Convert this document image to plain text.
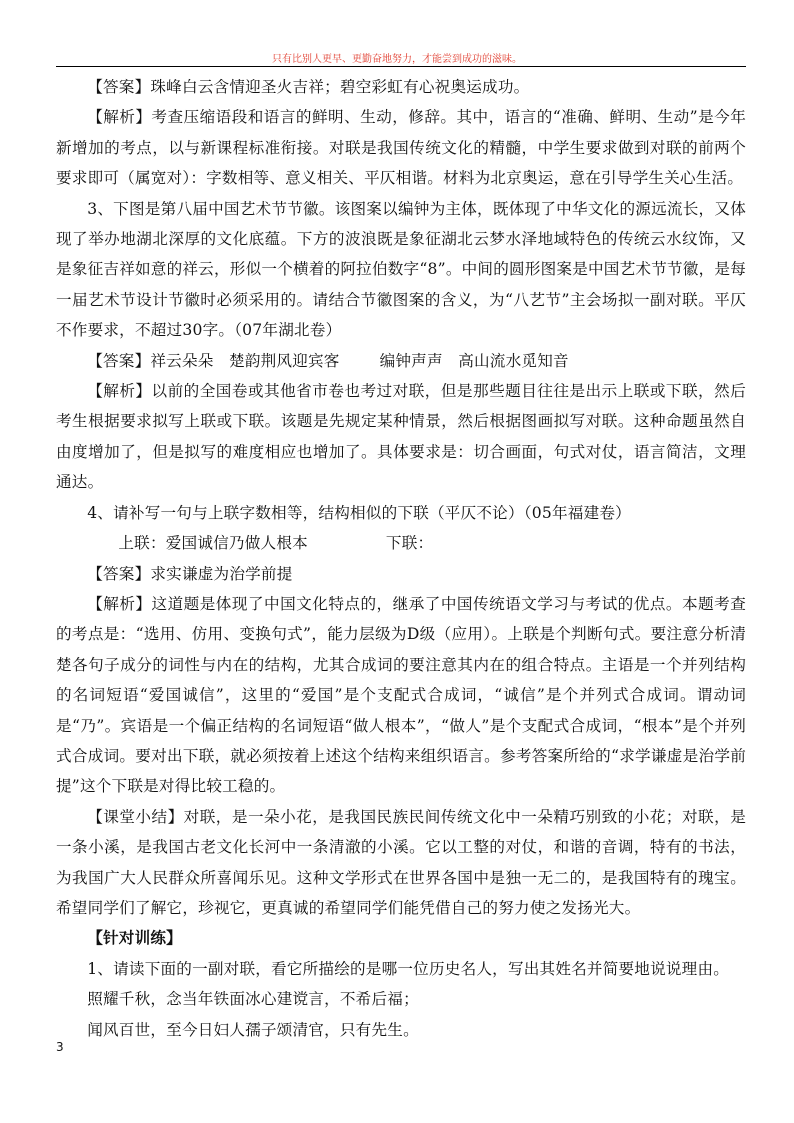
只有比别人更早、更勤奋地努力，才能尝到成功的滋味。

【答案】珠峰白云含情迎圣火吉祥；碧空彩虹有心祝奥运成功。

【解析】考查压缩语段和语言的鲜明、生动，修辞。其中，语言的“准确、鲜明、生动”是今年新增加的考点，以与新课程标准衔接。对联是我国传统文化的精髓，中学生要求做到对联的前两个要求即可（属宽对）：字数相等、意义相关、平仄相谐。材料为北京奥运，意在引导学生关心生活。

3、下图是第八届中国艺术节节徽。该图案以编钟为主体，既体现了中华文化的源远流长，又体现了举办地湖北深厚的文化底蕴。下方的波浪既是象征湖北云梦水泽地域特色的传统云水纹饰，又是象征吉祥如意的祥云，形似一个横着的阿拉伯数字“8”。中间的圆形图案是中国艺术节节徽，是每一届艺术节设计节徽时必须采用的。请结合节徽图案的含义，为“八艺节”主会场拟一副对联。平仄不作要求，不超过30字。（07年湖北卷）

【答案】祥云朵朵   楚韵荆风迎宾客	编钟声声   高山流水觅知音

【解析】以前的全国卷或其他省市卷也考过对联，但是那些题目往往是出示上联或下联，然后考生根据要求拟写上联或下联。该题是先规定某种情景，然后根据图画拟写对联。这种命题虽然自由度增加了，但是拟写的难度相应也增加了。具体要求是：切合画面，句式对仗，语言简洁，文理通达。

4、请补写一句与上联字数相等，结构相似的下联（平仄不论）（05年福建卷）

上联：爱国诚信乃做人根本	下联：

【答案】求实谦虚为治学前提

【解析】这道题是体现了中国文化特点的，继承了中国传统语文学习与考试的优点。本题考查的考点是：“选用、仿用、变换句式”，能力层级为D级（应用）。上联是个判断句式。要注意分析清楚各句子成分的词性与内在的结构，尤其合成词的要注意其内在的组合特点。主语是一个并列结构的名词短语“爱国诚信”，这里的“爱国”是个支配式合成词，“诚信”是个并列式合成词。谓动词是“乃”。宾语是一个偏正结构的名词短语“做人根本”，“做人”是个支配式合成词，“根本”是个并列式合成词。要对出下联，就必须按着上述这个结构来组织语言。参考答案所给的“求学谦虚是治学前提”这个下联是对得比较工稳的。

【课堂小结】对联，是一朵小花，是我国民族民间传统文化中一朵精巧别致的小花；对联，是一条小溪，是我国古老文化长河中一条清澈的小溪。它以工整的对仗，和谐的音调，特有的书法，为我国广大人民群众所喜闻乐见。这种文学形式在世界各国中是独一无二的，是我国特有的瑰宝。希望同学们了解它，珍视它，更真诚的希望同学们能凭借自己的努力使之发扬光大。

【针对训练】

1、请读下面的一副对联，看它所描绘的是哪一位历史名人，写出其姓名并简要地说说理由。

照耀千秋，念当年铁面冰心建谠言，不希后福；

闻风百世，至今日妇人孺子颂清官，只有先生。

3
